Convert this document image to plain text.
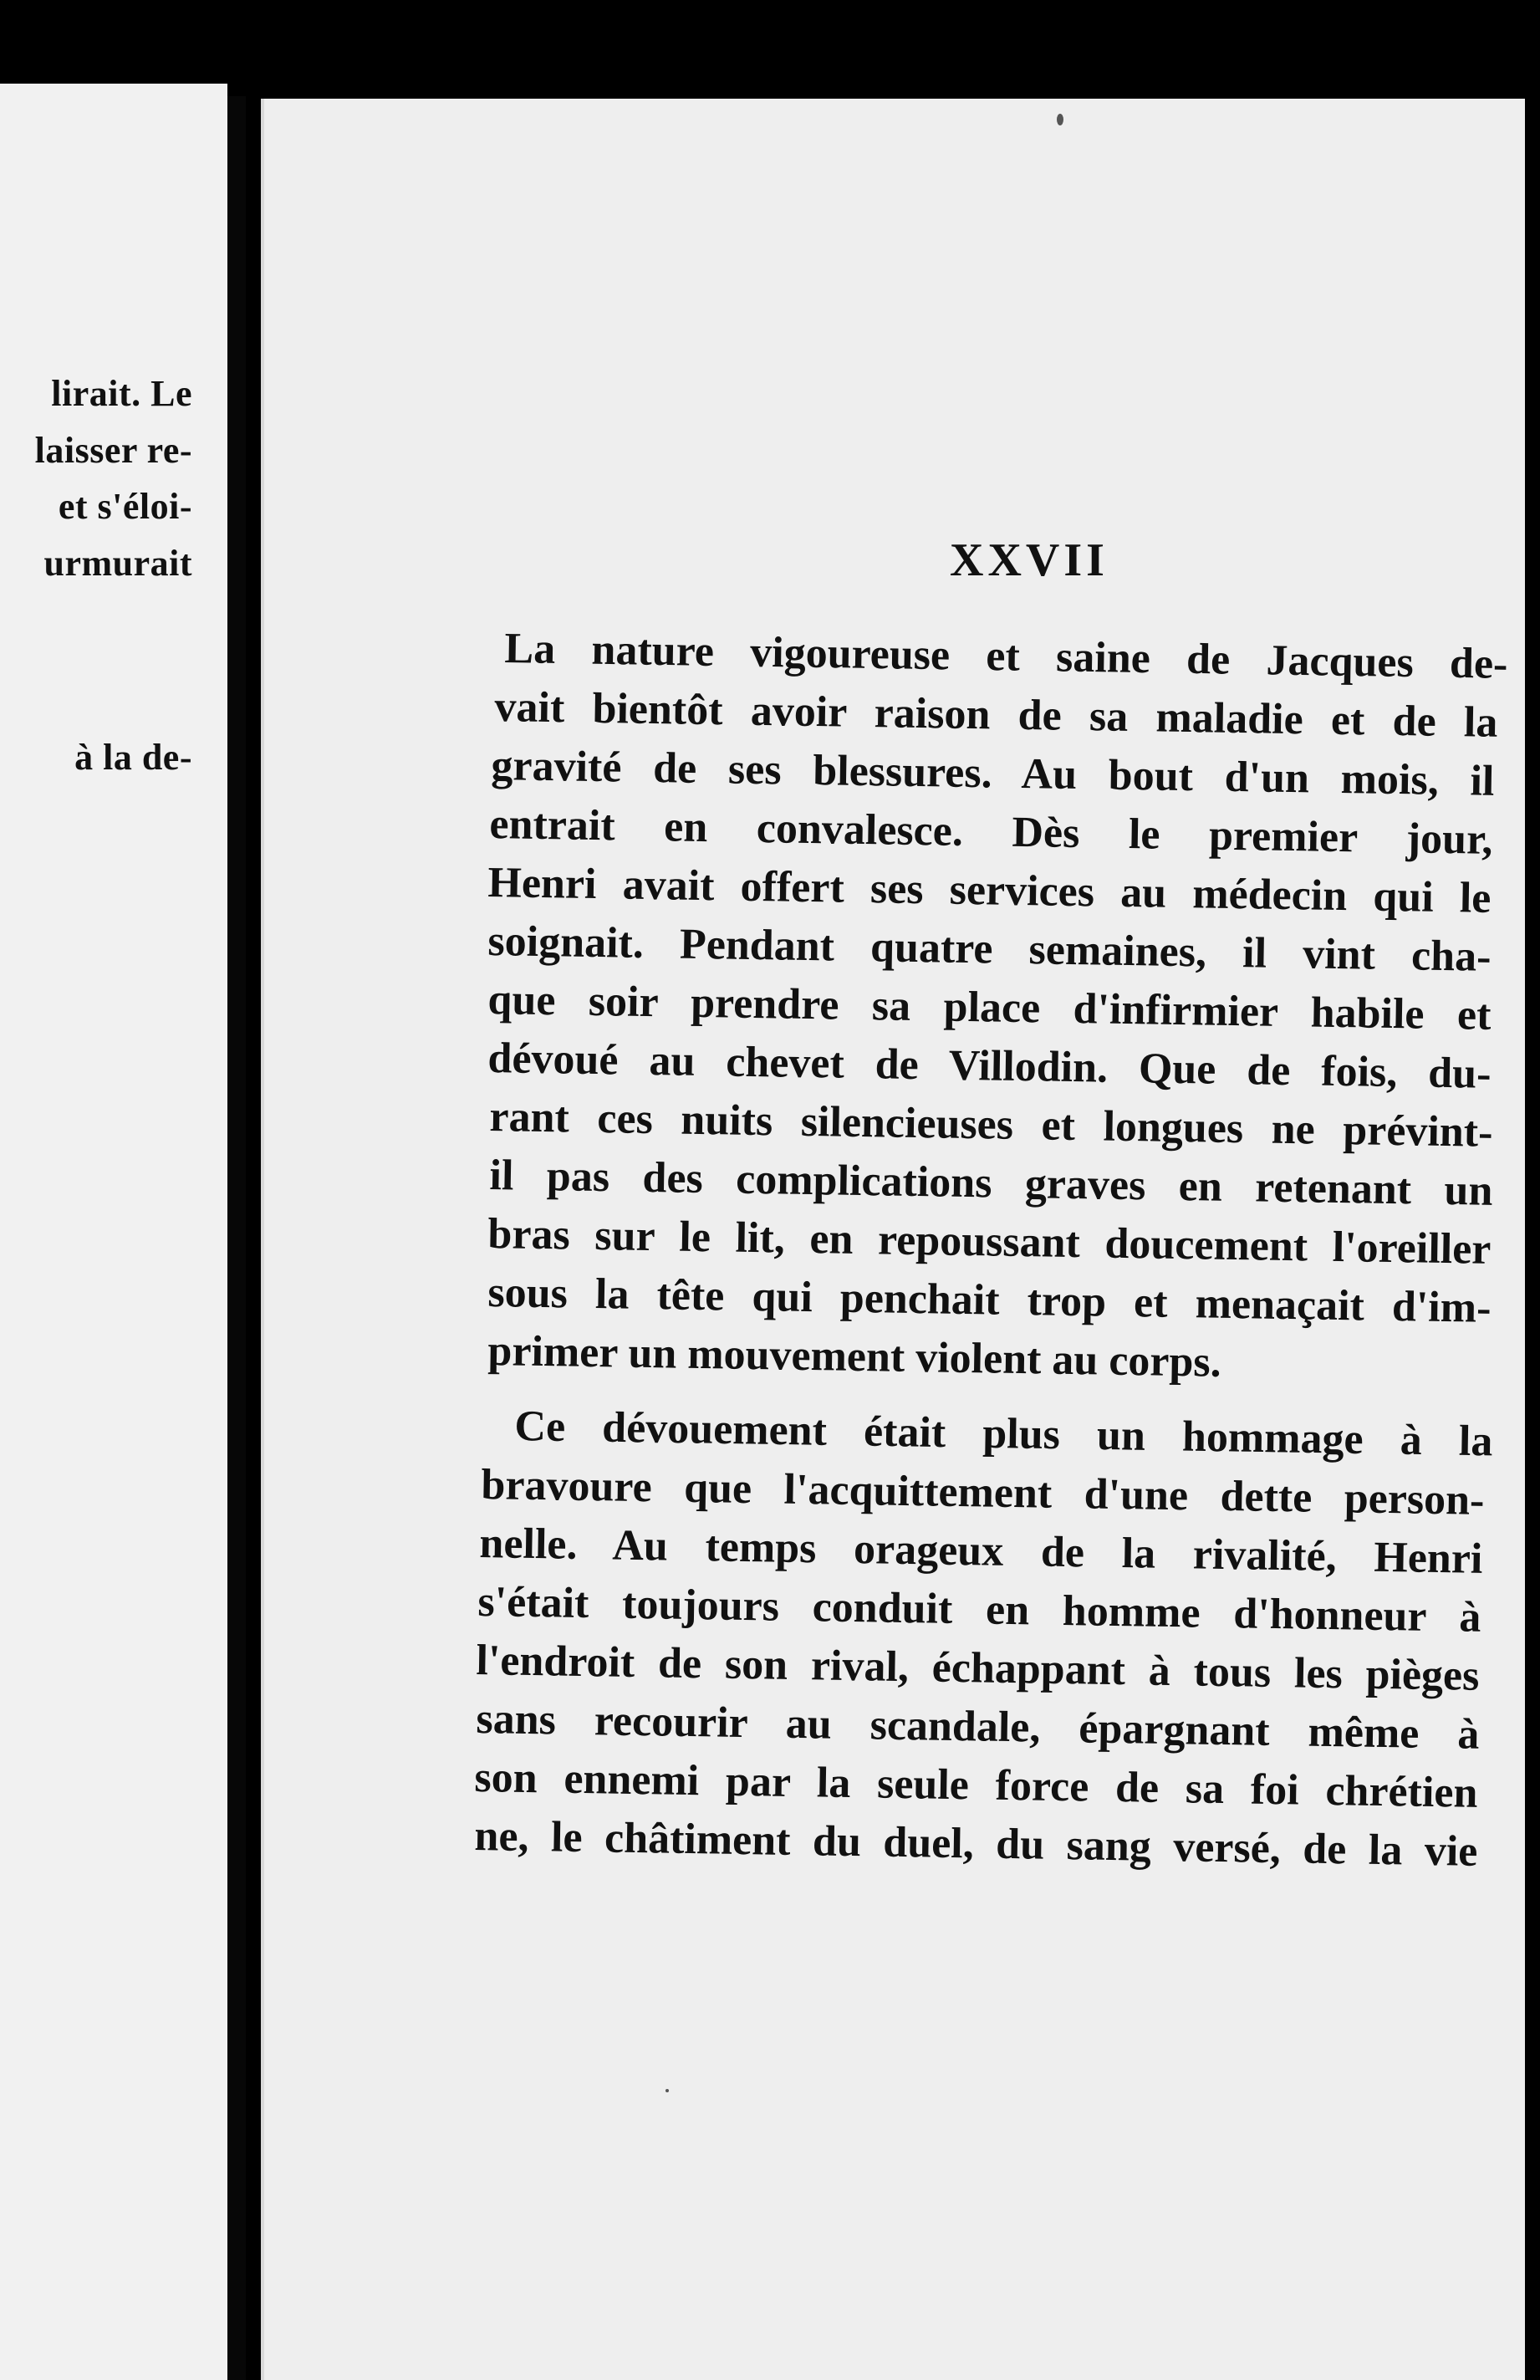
lirait. Le
laisser re-
et s'éloi-
urmurait
à la de-
XXVII
La nature vigoureuse et saine de Jacques de-
vait bientôt avoir raison de sa maladie et de la
gravité de ses blessures. Au bout d'un mois, il
entrait en convalesce. Dès le premier jour,
Henri avait offert ses services au médecin qui le
soignait. Pendant quatre semaines, il vint cha-
que soir prendre sa place d'infirmier habile et
dévoué au chevet de Villodin. Que de fois, du-
rant ces nuits silencieuses et longues ne prévint-
il pas des complications graves en retenant un
bras sur le lit, en repoussant doucement l'oreiller
sous la tête qui penchait trop et menaçait d'im-
primer un mouvement violent au corps.
Ce dévouement était plus un hommage à la
bravoure que l'acquittement d'une dette person-
nelle. Au temps orageux de la rivalité, Henri
s'était toujours conduit en homme d'honneur à
l'endroit de son rival, échappant à tous les pièges
sans recourir au scandale, épargnant même à
son ennemi par la seule force de sa foi chrétien
ne, le châtiment du duel, du sang versé, de la vie
